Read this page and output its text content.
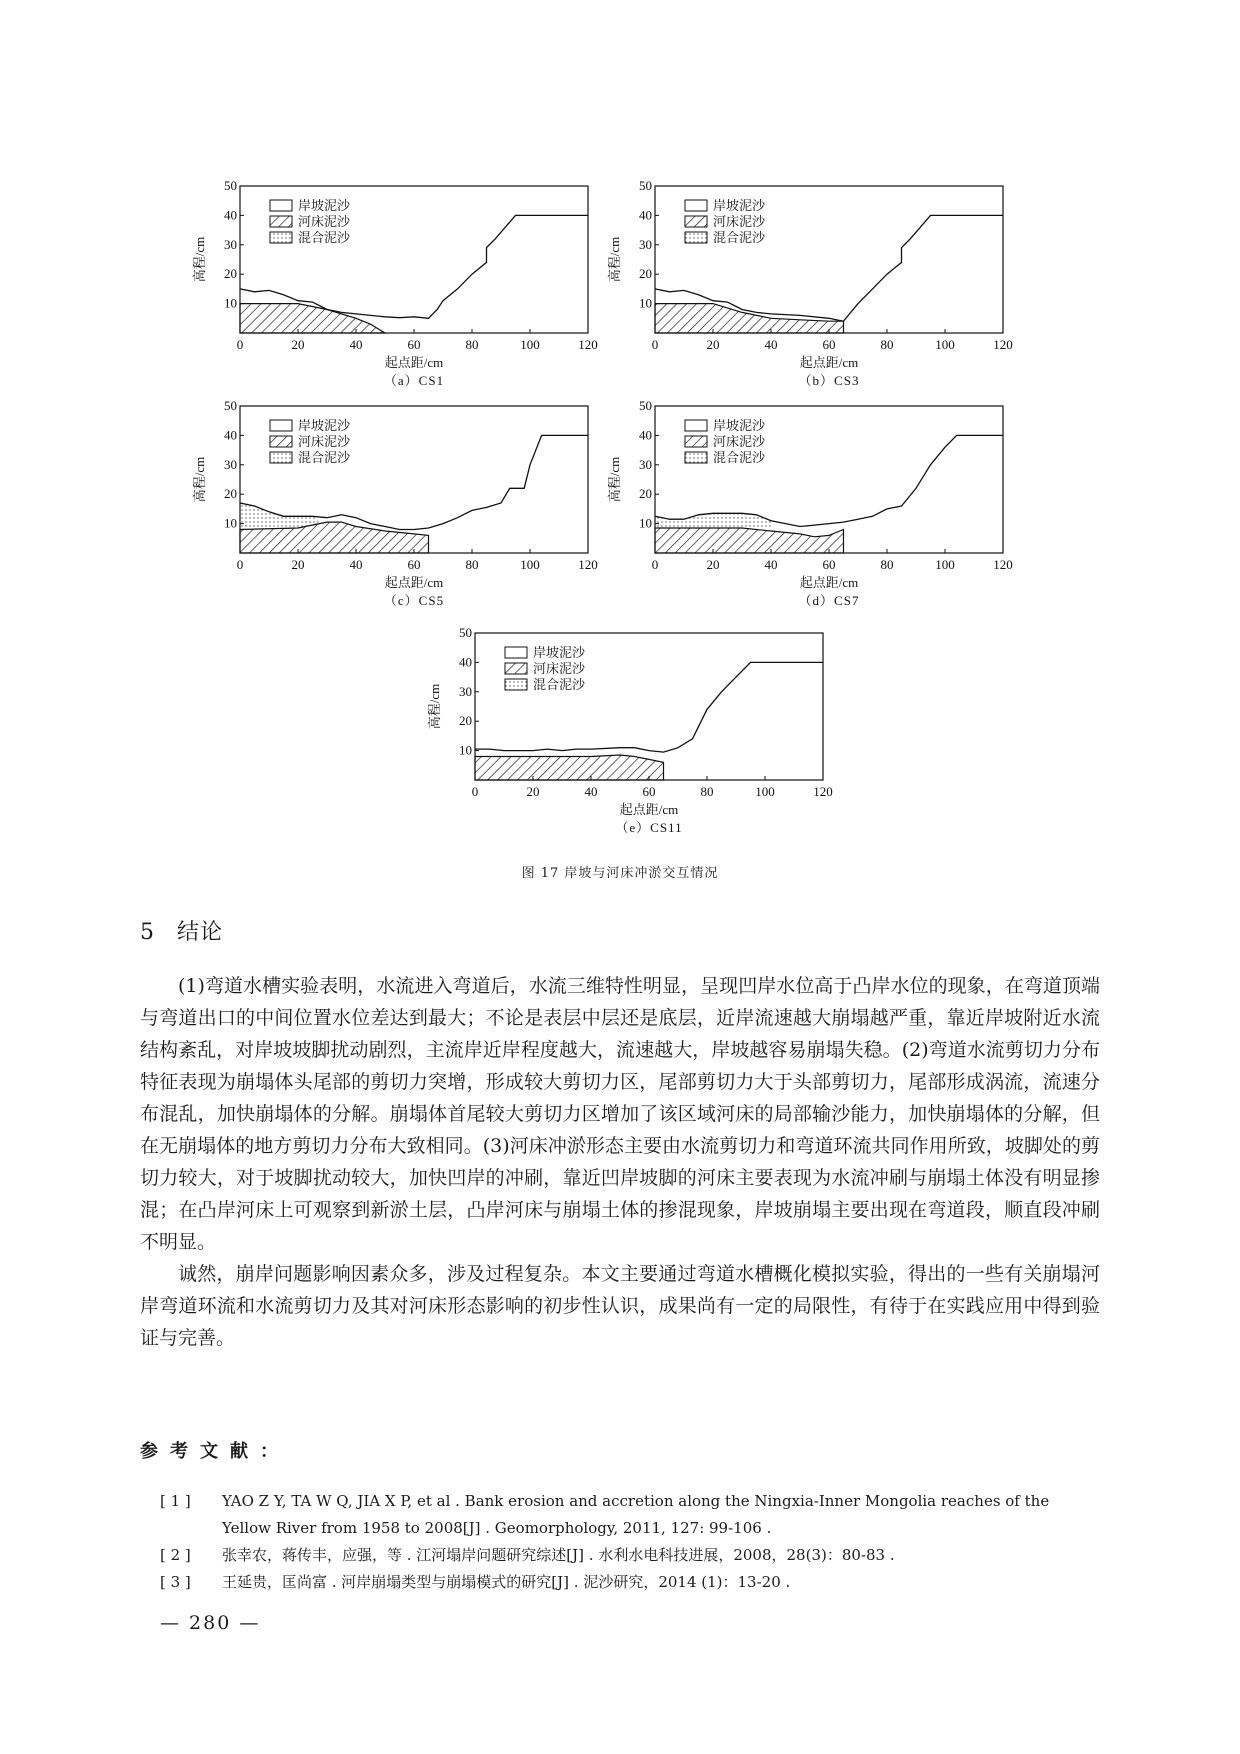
0	20	40	60	80	100	120
10
20
30
40
50
起点距/cm
高程/cm
（a）CS1
岸坡泥沙
河床泥沙
混合泥沙
0	20	40	60	80	100	120
10
20
30
40
50
起点距/cm
高程/cm
（b）CS3
岸坡泥沙
河床泥沙
混合泥沙
0	20	40	60	80	100	120
10
20
30
40
50
起点距/cm
高程/cm
（c）CS5
岸坡泥沙
河床泥沙
混合泥沙
0	20	40	60	80	100	120
10
20
30
40
50
起点距/cm
高程/cm
（d）CS7
岸坡泥沙
河床泥沙
混合泥沙
0	20	40	60	80	100	120
10
20
30
40
50
起点距/cm
高程/cm
（e）CS11
岸坡泥沙
河床泥沙
混合泥沙
图 17 岸坡与河床冲淤交互情况
5 结论

(1)弯道水槽实验表明，水流进入弯道后，水流三维特性明显，呈现凹岸水位高于凸岸水位的现象，在弯道顶端与弯道出口的中间位置水位差达到最大；不论是表层中层还是底层，近岸流速越大崩塌越严重，靠近岸坡附近水流结构紊乱，对岸坡坡脚扰动剧烈，主流岸近岸程度越大，流速越大，岸坡越容易崩塌失稳。(2)弯道水流剪切力分布特征表现为崩塌体头尾部的剪切力突增，形成较大剪切力区，尾部剪切力大于头部剪切力，尾部形成涡流，流速分布混乱，加快崩塌体的分解。崩塌体首尾较大剪切力区增加了该区域河床的局部输沙能力，加快崩塌体的分解，但在无崩塌体的地方剪切力分布大致相同。(3)河床冲淤形态主要由水流剪切力和弯道环流共同作用所致，坡脚处的剪切力较大，对于坡脚扰动较大，加快凹岸的冲刷，靠近凹岸坡脚的河床主要表现为水流冲刷与崩塌土体没有明显掺混；在凸岸河床上可观察到新淤土层，凸岸河床与崩塌土体的掺混现象，岸坡崩塌主要出现在弯道段，顺直段冲刷不明显。

诚然，崩岸问题影响因素众多，涉及过程复杂。本文主要通过弯道水槽概化模拟实验，得出的一些有关崩塌河岸弯道环流和水流剪切力及其对河床形态影响的初步性认识，成果尚有一定的局限性，有待于在实践应用中得到验证与完善。

参考文献：
[ 1 ]	YAO Z Y, TA W Q, JIA X P, et al . Bank erosion and accretion along the Ningxia-Inner Mongolia reaches of the Yellow River from 1958 to 2008[J] . Geomorphology, 2011, 127: 99-106 .
[ 2 ]	张幸农，蒋传丰，应强，等 . 江河塌岸问题研究综述[J] . 水利水电科技进展，2008，28(3)：80-83 .
[ 3 ]	王延贵，匡尚富 . 河岸崩塌类型与崩塌模式的研究[J] . 泥沙研究，2014 (1)：13-20 .
— 280 —
